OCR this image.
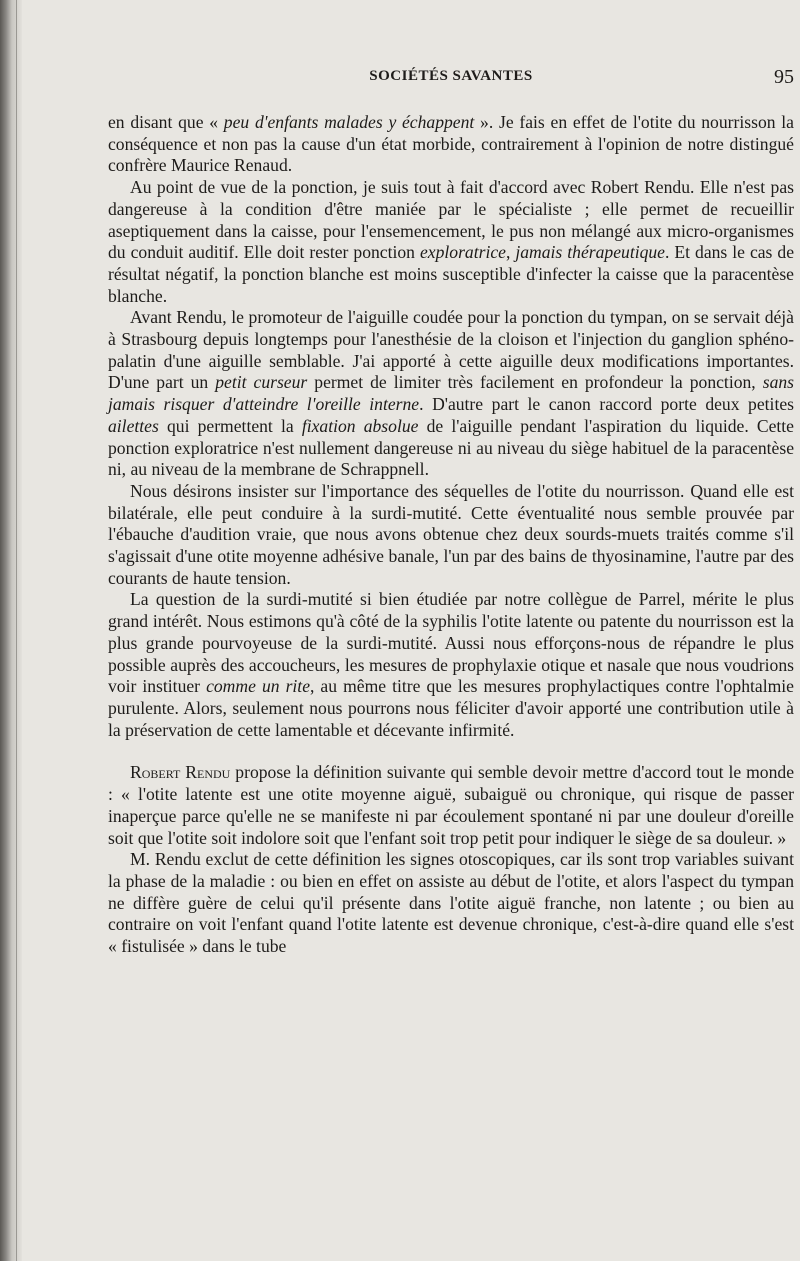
SOCIÉTÉS SAVANTES	95

en disant que « peu d'enfants malades y échappent ». Je fais en effet de l'otite du nourrisson la conséquence et non pas la cause d'un état morbide, contrairement à l'opinion de notre distingué confrère Maurice Renaud.

Au point de vue de la ponction, je suis tout à fait d'accord avec Robert Rendu. Elle n'est pas dangereuse à la condition d'être maniée par le spécialiste ; elle permet de recueillir aseptiquement dans la caisse, pour l'ensemencement, le pus non mélangé aux micro-organismes du conduit auditif. Elle doit rester ponction exploratrice, jamais thérapeutique. Et dans le cas de résultat négatif, la ponction blanche est moins susceptible d'infecter la caisse que la paracentèse blanche.

Avant Rendu, le promoteur de l'aiguille coudée pour la ponction du tympan, on se servait déjà à Strasbourg depuis longtemps pour l'anesthésie de la cloison et l'injection du ganglion sphéno-palatin d'une aiguille semblable. J'ai apporté à cette aiguille deux modifications importantes. D'une part un petit curseur permet de limiter très facilement en profondeur la ponction, sans jamais risquer d'atteindre l'oreille interne. D'autre part le canon raccord porte deux petites ailettes qui permettent la fixation absolue de l'aiguille pendant l'aspiration du liquide. Cette ponction exploratrice n'est nullement dangereuse ni au niveau du siège habituel de la paracentèse ni, au niveau de la membrane de Schrappnell.

Nous désirons insister sur l'importance des séquelles de l'otite du nourrisson. Quand elle est bilatérale, elle peut conduire à la surdi-mutité. Cette éventualité nous semble prouvée par l'ébauche d'audition vraie, que nous avons obtenue chez deux sourds-muets traités comme s'il s'agissait d'une otite moyenne adhésive banale, l'un par des bains de thyosinamine, l'autre par des courants de haute tension.

La question de la surdi-mutité si bien étudiée par notre collègue de Parrel, mérite le plus grand intérêt. Nous estimons qu'à côté de la syphilis l'otite latente ou patente du nourrisson est la plus grande pourvoyeuse de la surdi-mutité. Aussi nous efforçons-nous de répandre le plus possible auprès des accoucheurs, les mesures de prophylaxie otique et nasale que nous voudrions voir instituer comme un rite, au même titre que les mesures prophylactiques contre l'ophtalmie purulente. Alors, seulement nous pourrons nous féliciter d'avoir apporté une contribution utile à la préservation de cette lamentable et décevante infirmité.

Robert Rendu propose la définition suivante qui semble devoir mettre d'accord tout le monde : « l'otite latente est une otite moyenne aiguë, subaiguë ou chronique, qui risque de passer inaperçue parce qu'elle ne se manifeste ni par écoulement spontané ni par une douleur d'oreille soit que l'otite soit indolore soit que l'enfant soit trop petit pour indiquer le siège de sa douleur. »

M. Rendu exclut de cette définition les signes otoscopiques, car ils sont trop variables suivant la phase de la maladie : ou bien en effet on assiste au début de l'otite, et alors l'aspect du tympan ne diffère guère de celui qu'il présente dans l'otite aiguë franche, non latente ; ou bien au contraire on voit l'enfant quand l'otite latente est devenue chronique, c'est-à-dire quand elle s'est « fistulisée » dans le tube
